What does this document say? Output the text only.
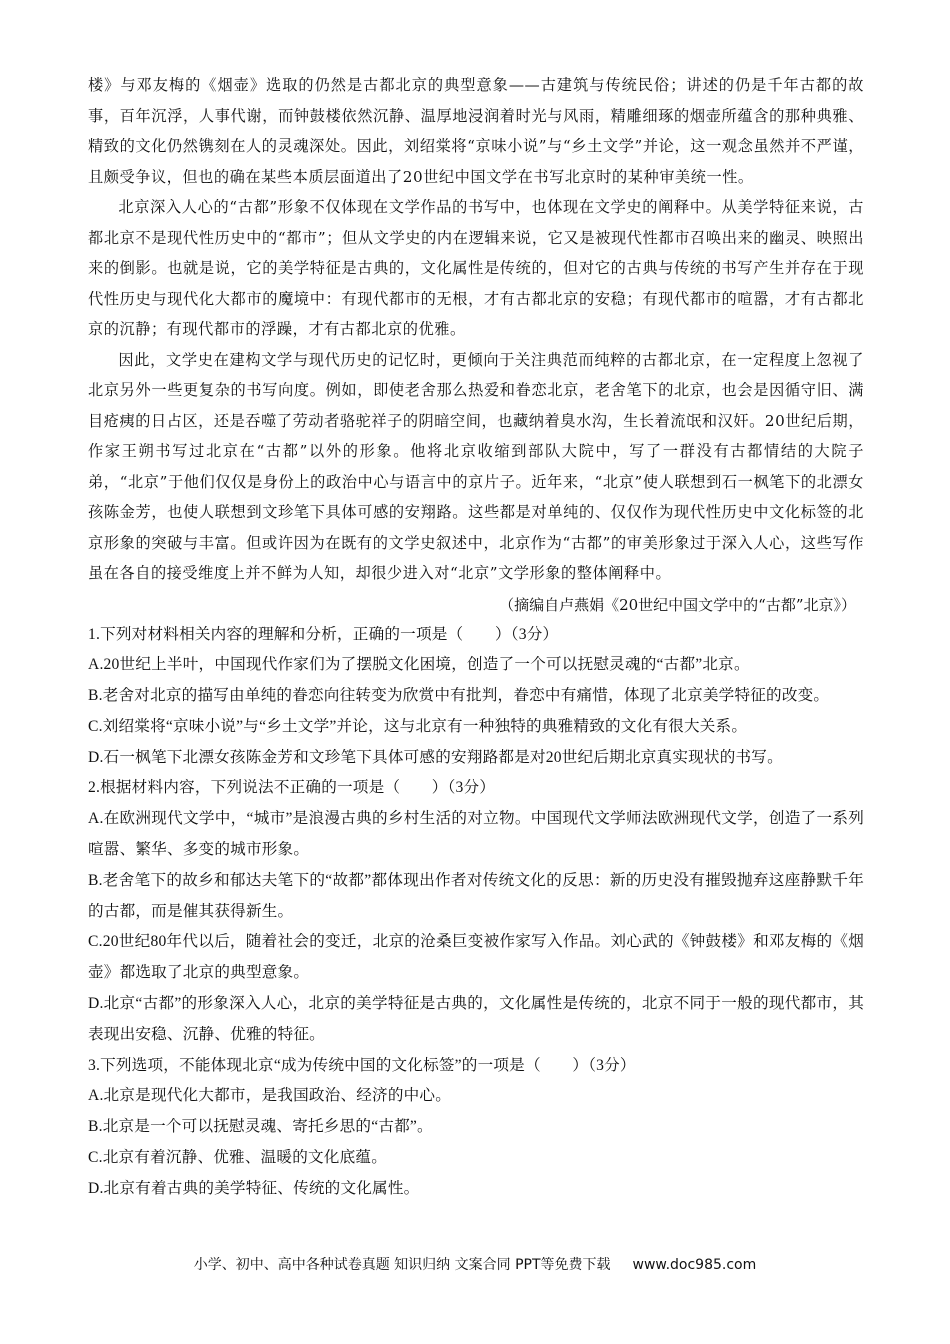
楼》与邓友梅的《烟壶》选取的仍然是古都北京的典型意象——古建筑与传统民俗；讲述的仍是千年古都的故事，百年沉浮，人事代谢，而钟鼓楼依然沉静、温厚地浸润着时光与风雨，精雕细琢的烟壶所蕴含的那种典雅、精致的文化仍然镌刻在人的灵魂深处。因此，刘绍棠将“京味小说”与“乡土文学”并论，这一观念虽然并不严谨，且颇受争议，但也的确在某些本质层面道出了20世纪中国文学在书写北京时的某种审美统一性。

北京深入人心的“古都”形象不仅体现在文学作品的书写中，也体现在文学史的阐释中。从美学特征来说，古都北京不是现代性历史中的“都市”；但从文学史的内在逻辑来说，它又是被现代性都市召唤出来的幽灵、映照出来的倒影。也就是说，它的美学特征是古典的，文化属性是传统的，但对它的古典与传统的书写产生并存在于现代性历史与现代化大都市的魔境中：有现代都市的无根，才有古都北京的安稳；有现代都市的喧嚣，才有古都北京的沉静；有现代都市的浮躁，才有古都北京的优雅。

因此，文学史在建构文学与现代历史的记忆时，更倾向于关注典范而纯粹的古都北京，在一定程度上忽视了北京另外一些更复杂的书写向度。例如，即使老舍那么热爱和眷恋北京，老舍笔下的北京，也会是因循守旧、满目疮痍的日占区，还是吞噬了劳动者骆驼祥子的阴暗空间，也藏纳着臭水沟，生长着流氓和汉奸。20世纪后期，作家王朔书写过北京在“古都”以外的形象。他将北京收缩到部队大院中，写了一群没有古都情结的大院子弟，“北京”于他们仅仅是身份上的政治中心与语言中的京片子。近年来，“北京”使人联想到石一枫笔下的北漂女孩陈金芳，也使人联想到文珍笔下具体可感的安翔路。这些都是对单纯的、仅仅作为现代性历史中文化标签的北京形象的突破与丰富。但或许因为在既有的文学史叙述中，北京作为“古都”的审美形象过于深入人心，这些写作虽在各自的接受维度上并不鲜为人知，却很少进入对“北京”文学形象的整体阐释中。

（摘编自卢燕娟《20世纪中国文学中的“古都”北京》）

1.下列对材料相关内容的理解和分析，正确的一项是（　　）（3分）

A.20世纪上半叶，中国现代作家们为了摆脱文化困境，创造了一个可以抚慰灵魂的“古都”北京。

B.老舍对北京的描写由单纯的眷恋向往转变为欣赏中有批判，眷恋中有痛惜，体现了北京美学特征的改变。

C.刘绍棠将“京味小说”与“乡土文学”并论，这与北京有一种独特的典雅精致的文化有很大关系。

D.石一枫笔下北漂女孩陈金芳和文珍笔下具体可感的安翔路都是对20世纪后期北京真实现状的书写。

2.根据材料内容，下列说法不正确的一项是（　　）（3分）

A.在欧洲现代文学中，“城市”是浪漫古典的乡村生活的对立物。中国现代文学师法欧洲现代文学，创造了一系列喧嚣、繁华、多变的城市形象。

B.老舍笔下的故乡和郁达夫笔下的“故都”都体现出作者对传统文化的反思：新的历史没有摧毁抛弃这座静默千年的古都，而是催其获得新生。

C.20世纪80年代以后，随着社会的变迁，北京的沧桑巨变被作家写入作品。刘心武的《钟鼓楼》和邓友梅的《烟壶》都选取了北京的典型意象。

D.北京“古都”的形象深入人心，北京的美学特征是古典的，文化属性是传统的，北京不同于一般的现代都市，其表现出安稳、沉静、优雅的特征。

3.下列选项，不能体现北京“成为传统中国的文化标签”的一项是（　　）（3分）

A.北京是现代化大都市，是我国政治、经济的中心。

B.北京是一个可以抚慰灵魂、寄托乡思的“古都”。

C.北京有着沉静、优雅、温暖的文化底蕴。

D.北京有着古典的美学特征、传统的文化属性。

小学、初中、高中各种试卷真题 知识归纳 文案合同 PPT等免费下载 www.doc985.com
